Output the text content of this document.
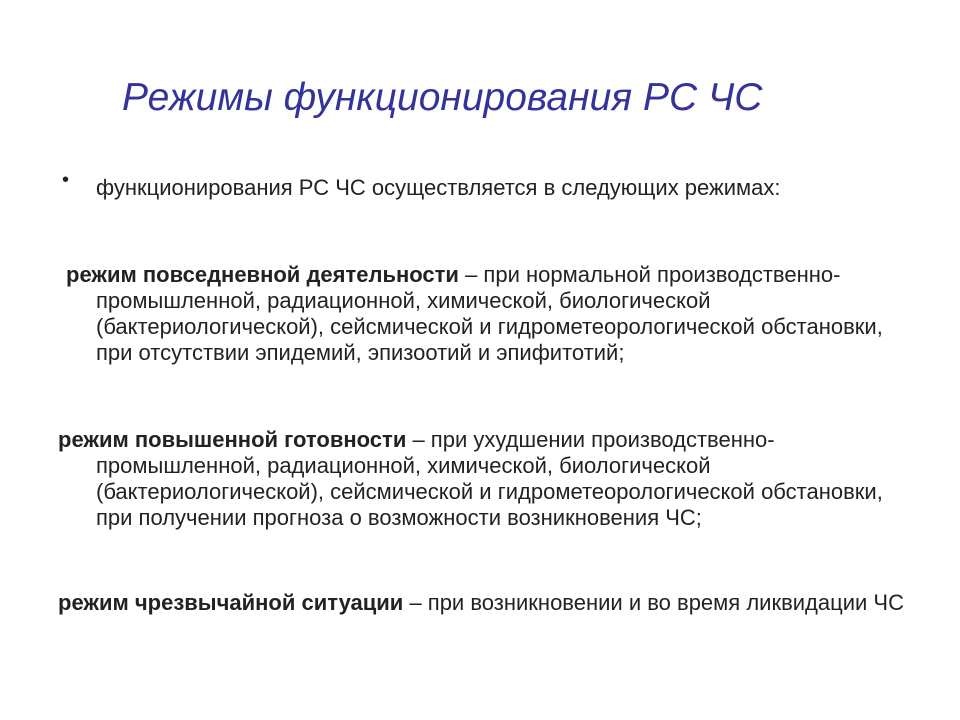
Режимы функционирования РС ЧС
• функционирования РС ЧС осуществляется в следующих режимах:

режим повседневной деятельности – при нормальной производственно-промышленной, радиационной, химической, биологической (бактериологической), сейсмической и гидрометеорологической обстановки, при отсутствии эпидемий, эпизоотий и эпифитотий;

режим повышенной готовности – при ухудшении производственно-промышленной, радиационной, химической, биологической (бактериологической), сейсмической и гидрометеорологической обстановки, при получении прогноза о возможности возникновения ЧС;

режим чрезвычайной ситуации – при возникновении и во время ликвидации ЧС
